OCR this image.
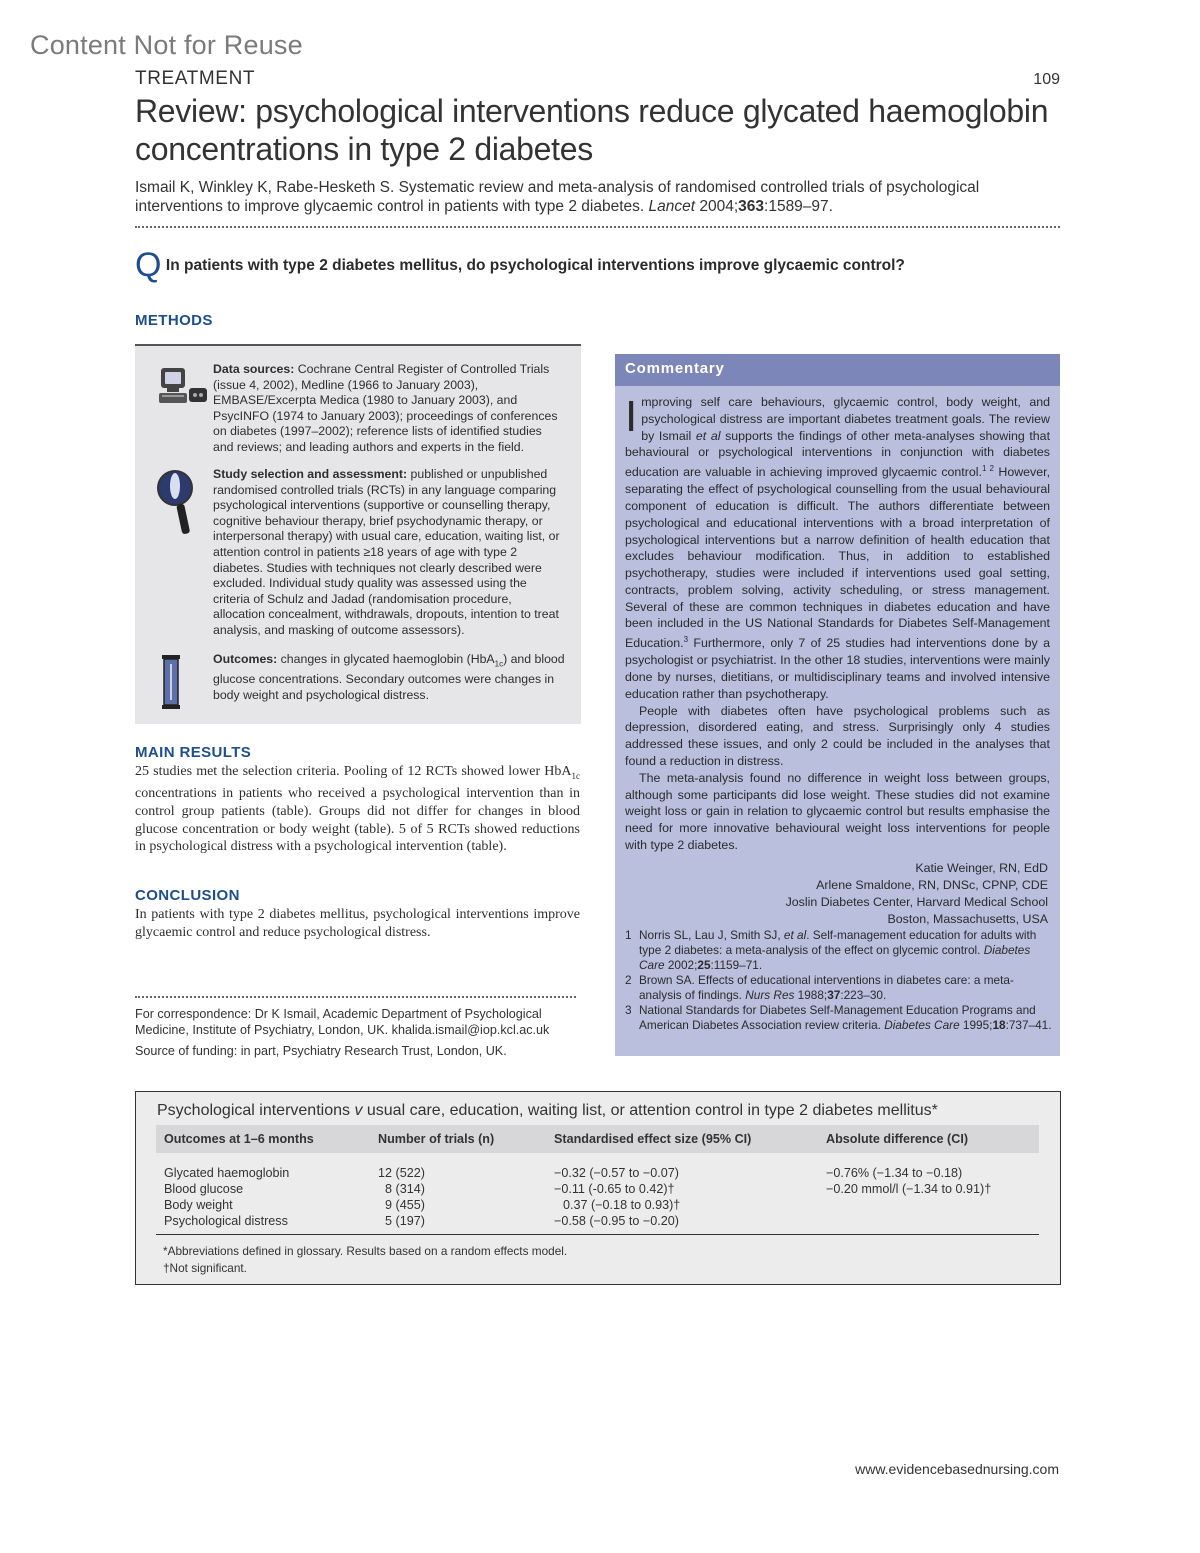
Content Not for Reuse
TREATMENT	109
Review: psychological interventions reduce glycated haemoglobin concentrations in type 2 diabetes
Ismail K, Winkley K, Rabe-Hesketh S. Systematic review and meta-analysis of randomised controlled trials of psychological interventions to improve glycaemic control in patients with type 2 diabetes. Lancet 2004;363:1589–97.
Q In patients with type 2 diabetes mellitus, do psychological interventions improve glycaemic control?
METHODS
Data sources: Cochrane Central Register of Controlled Trials (issue 4, 2002), Medline (1966 to January 2003), EMBASE/Excerpta Medica (1980 to January 2003), and PsycINFO (1974 to January 2003); proceedings of conferences on diabetes (1997–2002); reference lists of identified studies and reviews; and leading authors and experts in the field.
Study selection and assessment: published or unpublished randomised controlled trials (RCTs) in any language comparing psychological interventions (supportive or counselling therapy, cognitive behaviour therapy, brief psychodynamic therapy, or interpersonal therapy) with usual care, education, waiting list, or attention control in patients ≥18 years of age with type 2 diabetes. Studies with techniques not clearly described were excluded. Individual study quality was assessed using the criteria of Schulz and Jadad (randomisation procedure, allocation concealment, withdrawals, dropouts, intention to treat analysis, and masking of outcome assessors).
Outcomes: changes in glycated haemoglobin (HbA$_{1c}$) and blood glucose concentrations. Secondary outcomes were changes in body weight and psychological distress.
MAIN RESULTS
25 studies met the selection criteria. Pooling of 12 RCTs showed lower HbA$_{1c}$ concentrations in patients who received a psychological intervention than in control group patients (table). Groups did not differ for changes in blood glucose concentration or body weight (table). 5 of 5 RCTs showed reductions in psychological distress with a psychological intervention (table).
CONCLUSION
In patients with type 2 diabetes mellitus, psychological interventions improve glycaemic control and reduce psychological distress.
For correspondence: Dr K Ismail, Academic Department of Psychological Medicine, Institute of Psychiatry, London, UK. khalida.ismail@iop.kcl.ac.uk
Source of funding: in part, Psychiatry Research Trust, London, UK.
Commentary

Improving self care behaviours, glycaemic control, body weight, and psychological distress are important diabetes treatment goals. The review by Ismail et al supports the findings of other meta-analyses showing that behavioural or psychological interventions in conjunction with diabetes education are valuable in achieving improved glycaemic control.$^{1 2}$ However, separating the effect of psychological counselling from the usual behavioural component of education is difficult. The authors differentiate between psychological and educational interventions with a broad interpretation of psychological interventions but a narrow definition of health education that excludes behaviour modification. Thus, in addition to established psychotherapy, studies were included if interventions used goal setting, contracts, problem solving, activity scheduling, or stress management. Several of these are common techniques in diabetes education and have been included in the US National Standards for Diabetes Self-Management Education.$^3$ Furthermore, only 7 of 25 studies had interventions done by a psychologist or psychiatrist. In the other 18 studies, interventions were mainly done by nurses, dietitians, or multidisciplinary teams and involved intensive education rather than psychotherapy.

People with diabetes often have psychological problems such as depression, disordered eating, and stress. Surprisingly only 4 studies addressed these issues, and only 2 could be included in the analyses that found a reduction in distress.

The meta-analysis found no difference in weight loss between groups, although some participants did lose weight. These studies did not examine weight loss or gain in relation to glycaemic control but results emphasise the need for more innovative behavioural weight loss interventions for people with type 2 diabetes.

Katie Weinger, RN, EdD
Arlene Smaldone, RN, DNSc, CPNP, CDE
Joslin Diabetes Center, Harvard Medical School
Boston, Massachusetts, USA
1 Norris SL, Lau J, Smith SJ, et al. Self-management education for adults with type 2 diabetes: a meta-analysis of the effect on glycemic control. Diabetes Care 2002;25:1159–71.
2 Brown SA. Effects of educational interventions in diabetes care: a meta-analysis of findings. Nurs Res 1988;37:223–30.
3 National Standards for Diabetes Self-Management Education Programs and American Diabetes Association review criteria. Diabetes Care 1995;18:737–41.
Psychological interventions v usual care, education, waiting list, or attention control in type 2 diabetes mellitus*
Outcomes at 1–6 months	Number of trials (n)	Standardised effect size (95% CI)	Absolute difference (CI)
Glycated haemoglobin	12 (522)	−0.32 (−0.57 to −0.07)	−0.76% (−1.34 to −0.18)
Blood glucose	8 (314)	−0.11 (-0.65 to 0.42)†	−0.20 mmol/l (−1.34 to 0.91)†
Body weight	9 (455)	0.37 (−0.18 to 0.93)†
Psychological distress	5 (197)	−0.58 (−0.95 to −0.20)
*Abbreviations defined in glossary. Results based on a random effects model.
†Not significant.
www.evidencebasednursing.com
